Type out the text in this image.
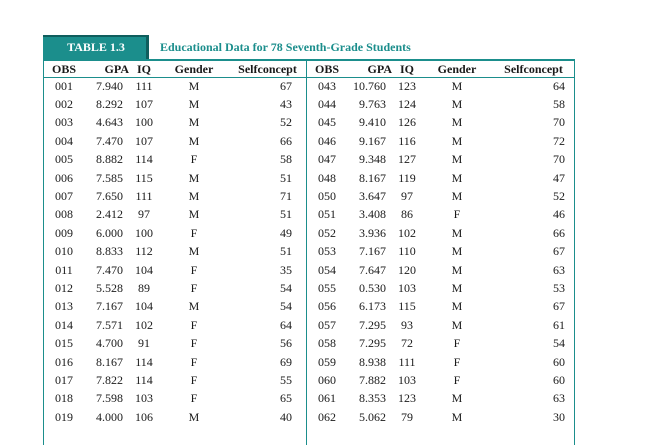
TABLE 1.3	Educational Data for 78 Seventh-Grade Students
OBS	GPA	IQ	Gender	Selfconcept	OBS	GPA	IQ	Gender	Selfconcept
001	7.940	111	M	67	043	10.760	123	M	64
002	8.292	107	M	43	044	9.763	124	M	58
003	4.643	100	M	52	045	9.410	126	M	70
004	7.470	107	M	66	046	9.167	116	M	72
005	8.882	114	F	58	047	9.348	127	M	70
006	7.585	115	M	51	048	8.167	119	M	47
007	7.650	111	M	71	050	3.647	97	M	52
008	2.412	97	M	51	051	3.408	86	F	46
009	6.000	100	F	49	052	3.936	102	M	66
010	8.833	112	M	51	053	7.167	110	M	67
011	7.470	104	F	35	054	7.647	120	M	63
012	5.528	89	F	54	055	0.530	103	M	53
013	7.167	104	M	54	056	6.173	115	M	67
014	7.571	102	F	64	057	7.295	93	M	61
015	4.700	91	F	56	058	7.295	72	F	54
016	8.167	114	F	69	059	8.938	111	F	60
017	7.822	114	F	55	060	7.882	103	F	60
018	7.598	103	F	65	061	8.353	123	M	63
019	4.000	106	M	40	062	5.062	79	M	30
